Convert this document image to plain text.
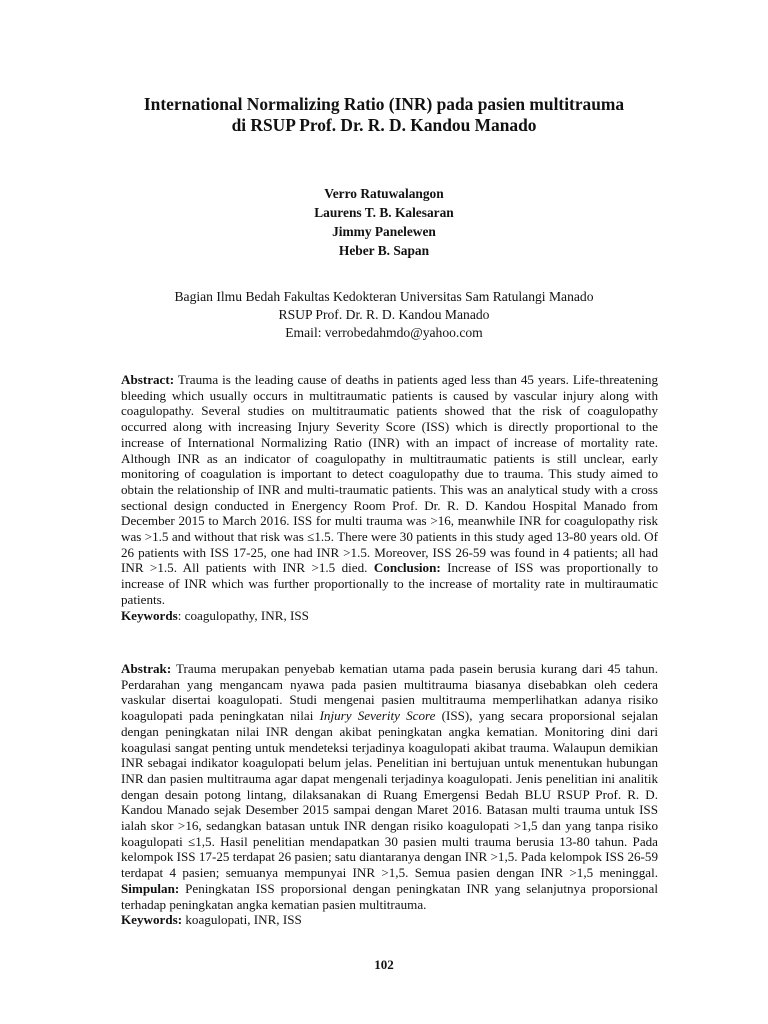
International Normalizing Ratio (INR) pada pasien multitrauma
di RSUP Prof. Dr. R. D. Kandou Manado
Verro Ratuwalangon
Laurens T. B. Kalesaran
Jimmy Panelewen
Heber B. Sapan
Bagian Ilmu Bedah Fakultas Kedokteran Universitas Sam Ratulangi Manado
RSUP Prof. Dr. R. D. Kandou Manado
Email: verrobedahmdo@yahoo.com

Abstract: Trauma is the leading cause of deaths in patients aged less than 45 years. Life-threatening bleeding which usually occurs in multitraumatic patients is caused by vascular injury along with coagulopathy. Several studies on multitraumatic patients showed that the risk of coagulopathy occurred along with increasing Injury Severity Score (ISS) which is directly proportional to the increase of International Normalizing Ratio (INR) with an impact of increase of mortality rate. Although INR as an indicator of coagulopathy in multitraumatic patients is still unclear, early monitoring of coagulation is important to detect coagulopathy due to trauma. This study aimed to obtain the relationship of INR and multi-traumatic patients. This was an analytical study with a cross sectional design conducted in Energency Room Prof. Dr. R. D. Kandou Hospital Manado from December 2015 to March 2016. ISS for multi trauma was >16, meanwhile INR for coagulopathy risk was >1.5 and without that risk was ≤1.5. There were 30 patients in this study aged 13-80 years old. Of 26 patients with ISS 17-25, one had INR >1.5. Moreover, ISS 26-59 was found in 4 patients; all had INR >1.5. All patients with INR >1.5 died. Conclusion: Increase of ISS was proportionally to increase of INR which was further proportionally to the increase of mortality rate in multiraumatic patients.

Keywords: coagulopathy, INR, ISS

Abstrak: Trauma merupakan penyebab kematian utama pada pasein berusia kurang dari 45 tahun. Perdarahan yang mengancam nyawa pada pasien multitrauma biasanya disebabkan oleh cedera vaskular disertai koagulopati. Studi mengenai pasien multitrauma memperlihatkan adanya risiko koagulopati pada peningkatan nilai Injury Severity Score (ISS), yang secara proporsional sejalan dengan peningkatan nilai INR dengan akibat peningkatan angka kematian. Monitoring dini dari koagulasi sangat penting untuk mendeteksi terjadinya koagulopati akibat trauma. Walaupun demikian INR sebagai indikator koagulopati belum jelas. Penelitian ini bertujuan untuk menentukan hubungan INR dan pasien multitrauma agar dapat mengenali terjadinya koagulopati. Jenis penelitian ini analitik dengan desain potong lintang, dilaksanakan di Ruang Emergensi Bedah BLU RSUP Prof. R. D. Kandou Manado sejak Desember 2015 sampai dengan Maret 2016. Batasan multi trauma untuk ISS ialah skor >16, sedangkan batasan untuk INR dengan risiko koagulopati >1,5 dan yang tanpa risiko koagulopati ≤1,5. Hasil penelitian mendapatkan 30 pasien multi trauma berusia 13-80 tahun. Pada kelompok ISS 17-25 terdapat 26 pasien; satu diantaranya dengan INR >1,5. Pada kelompok ISS 26-59 terdapat 4 pasien; semuanya mempunyai INR >1,5. Semua pasien dengan INR >1,5 meninggal. Simpulan: Peningkatan ISS proporsional dengan peningkatan INR yang selanjutnya proporsional terhadap peningkatan angka kematian pasien multitrauma.

Keywords: koagulopati, INR, ISS

102
